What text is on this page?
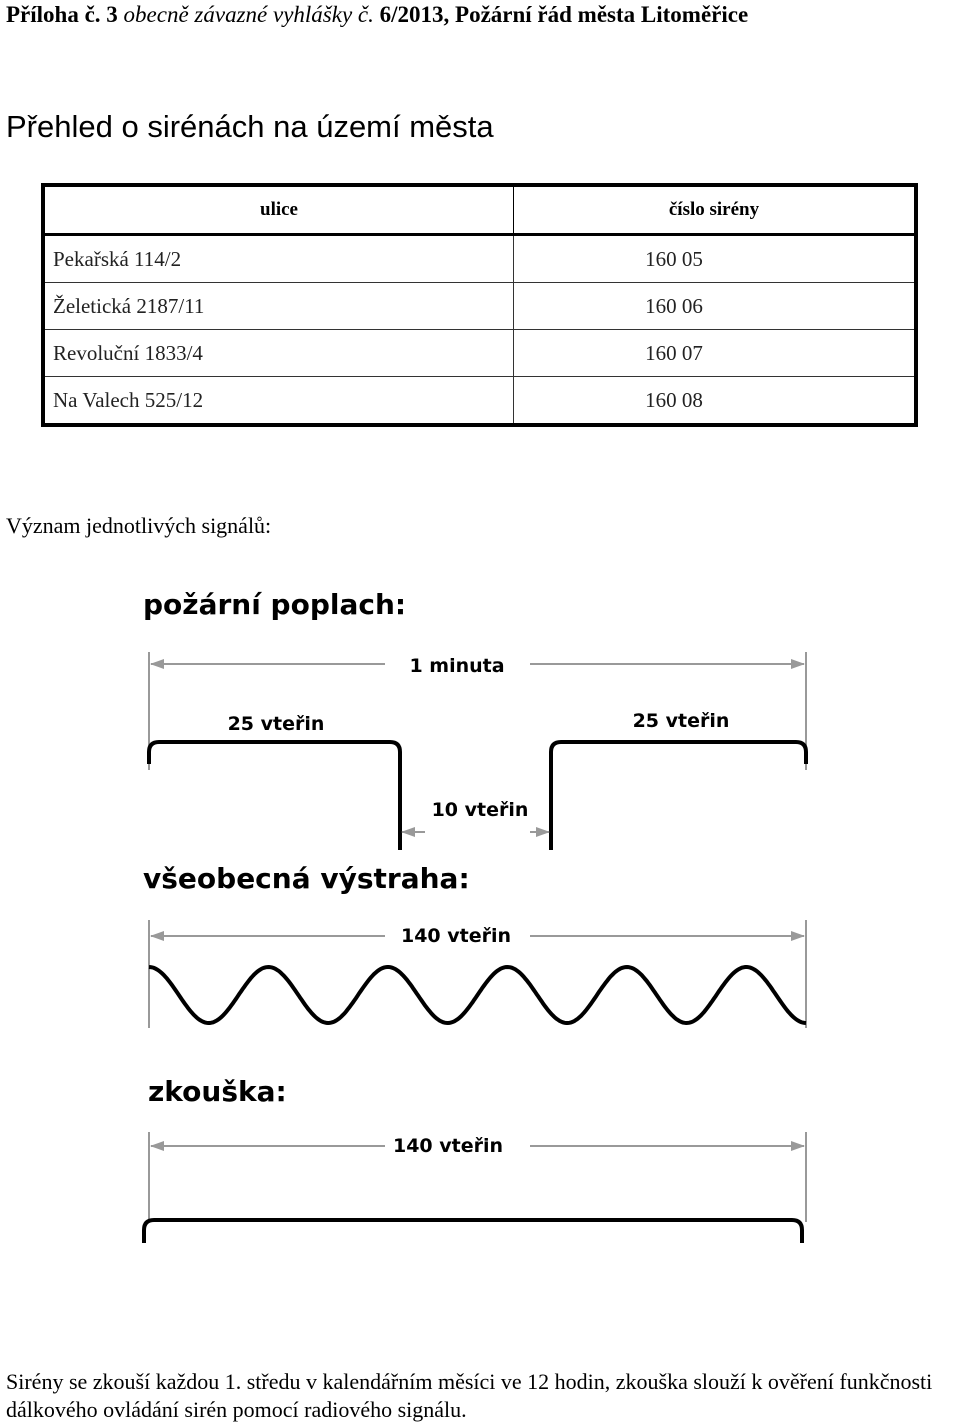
Příloha č. 3 obecně závazné vyhlášky č. 6/2013, Požární řád města Litoměřice
Přehled o sirénách na území města
ulice	číslo sirény
Pekařská 114/2	160 05
Želetická 2187/11	160 06
Revoluční 1833/4	160 07
Na Valech 525/12	160 08
Význam jednotlivých signálů:
požární poplach:
1 minuta
25 vteřin	25 vteřin
10 vteřin
všeobecná výstraha:
140 vteřin
zkouška:
140 vteřin
Sirény se zkouší každou 1. středu v kalendářním měsíci ve 12 hodin, zkouška slouží k ověření funkčnosti dálkového ovládání sirén pomocí radiového signálu.
